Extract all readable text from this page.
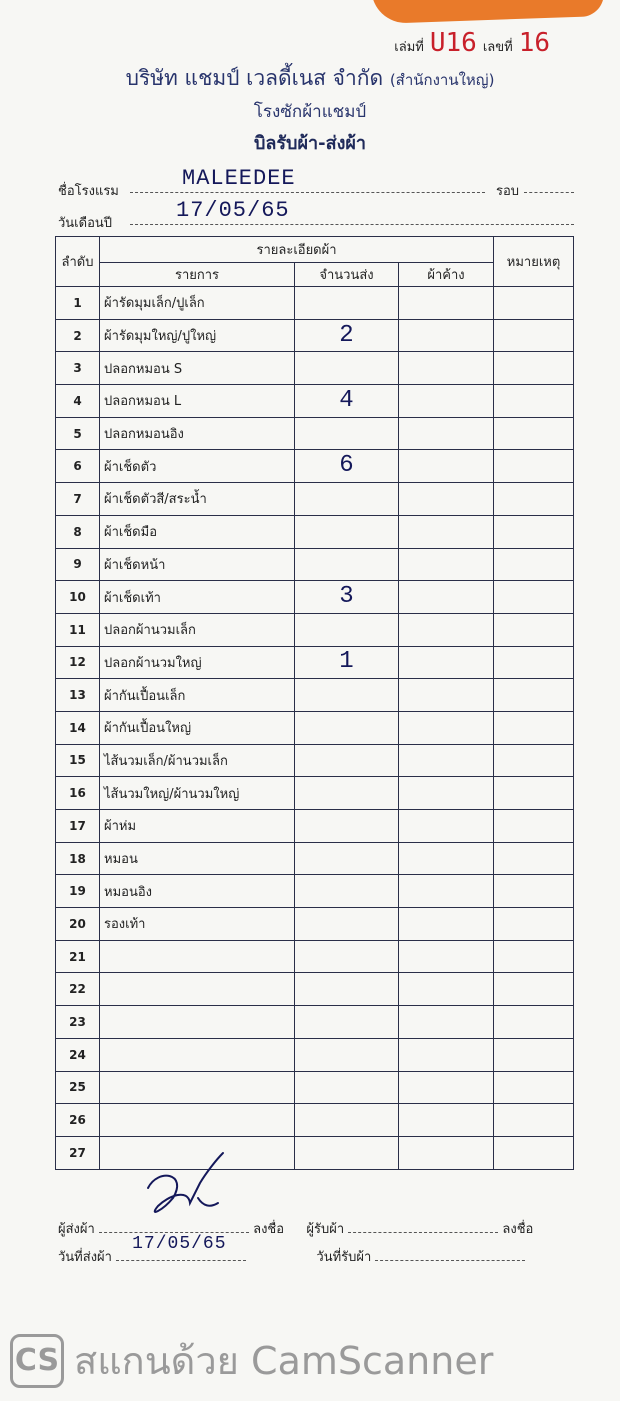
เล่มที่ U16 เลขที่ 16
บริษัท แชมป์ เวลดี้เนส จำกัด (สำนักงานใหญ่)
โรงซักผ้าแชมป์
บิลรับผ้า-ส่งผ้า
ชื่อโรงแรม
MALEEDEE
รอบ
วันเดือนปี
17/05/65
ลำดับ	รายละเอียดผ้า			หมายเหตุ
	รายการ	จำนวนส่ง	ผ้าค้าง	
1	ผ้ารัดมุมเล็ก/ปูเล็ก			
2	ผ้ารัดมุมใหญ่/ปูใหญ่	2		
3	ปลอกหมอน S			
4	ปลอกหมอน L	4		
5	ปลอกหมอนอิง			
6	ผ้าเช็ดตัว	6		
7	ผ้าเช็ดตัวสี/สระน้ำ			
8	ผ้าเช็ดมือ			
9	ผ้าเช็ดหน้า			
10	ผ้าเช็ดเท้า	3		
11	ปลอกผ้านวมเล็ก			
12	ปลอกผ้านวมใหญ่	1		
13	ผ้ากันเปื้อนเล็ก			
14	ผ้ากันเปื้อนใหญ่			
15	ไส้นวมเล็ก/ผ้านวมเล็ก			
16	ไส้นวมใหญ่/ผ้านวมใหญ่			
17	ผ้าห่ม			
18	หมอน			
19	หมอนอิง			
20	รองเท้า			
21				
22				
23				
24				
25				
26				
27				
ผู้ส่งผ้า	ลงชื่อ ผู้รับผ้า	ลงชื่อ
วันที่ส่งผ้า
17/05/65
วันที่รับผ้า
CS สแกนด้วย CamScanner
